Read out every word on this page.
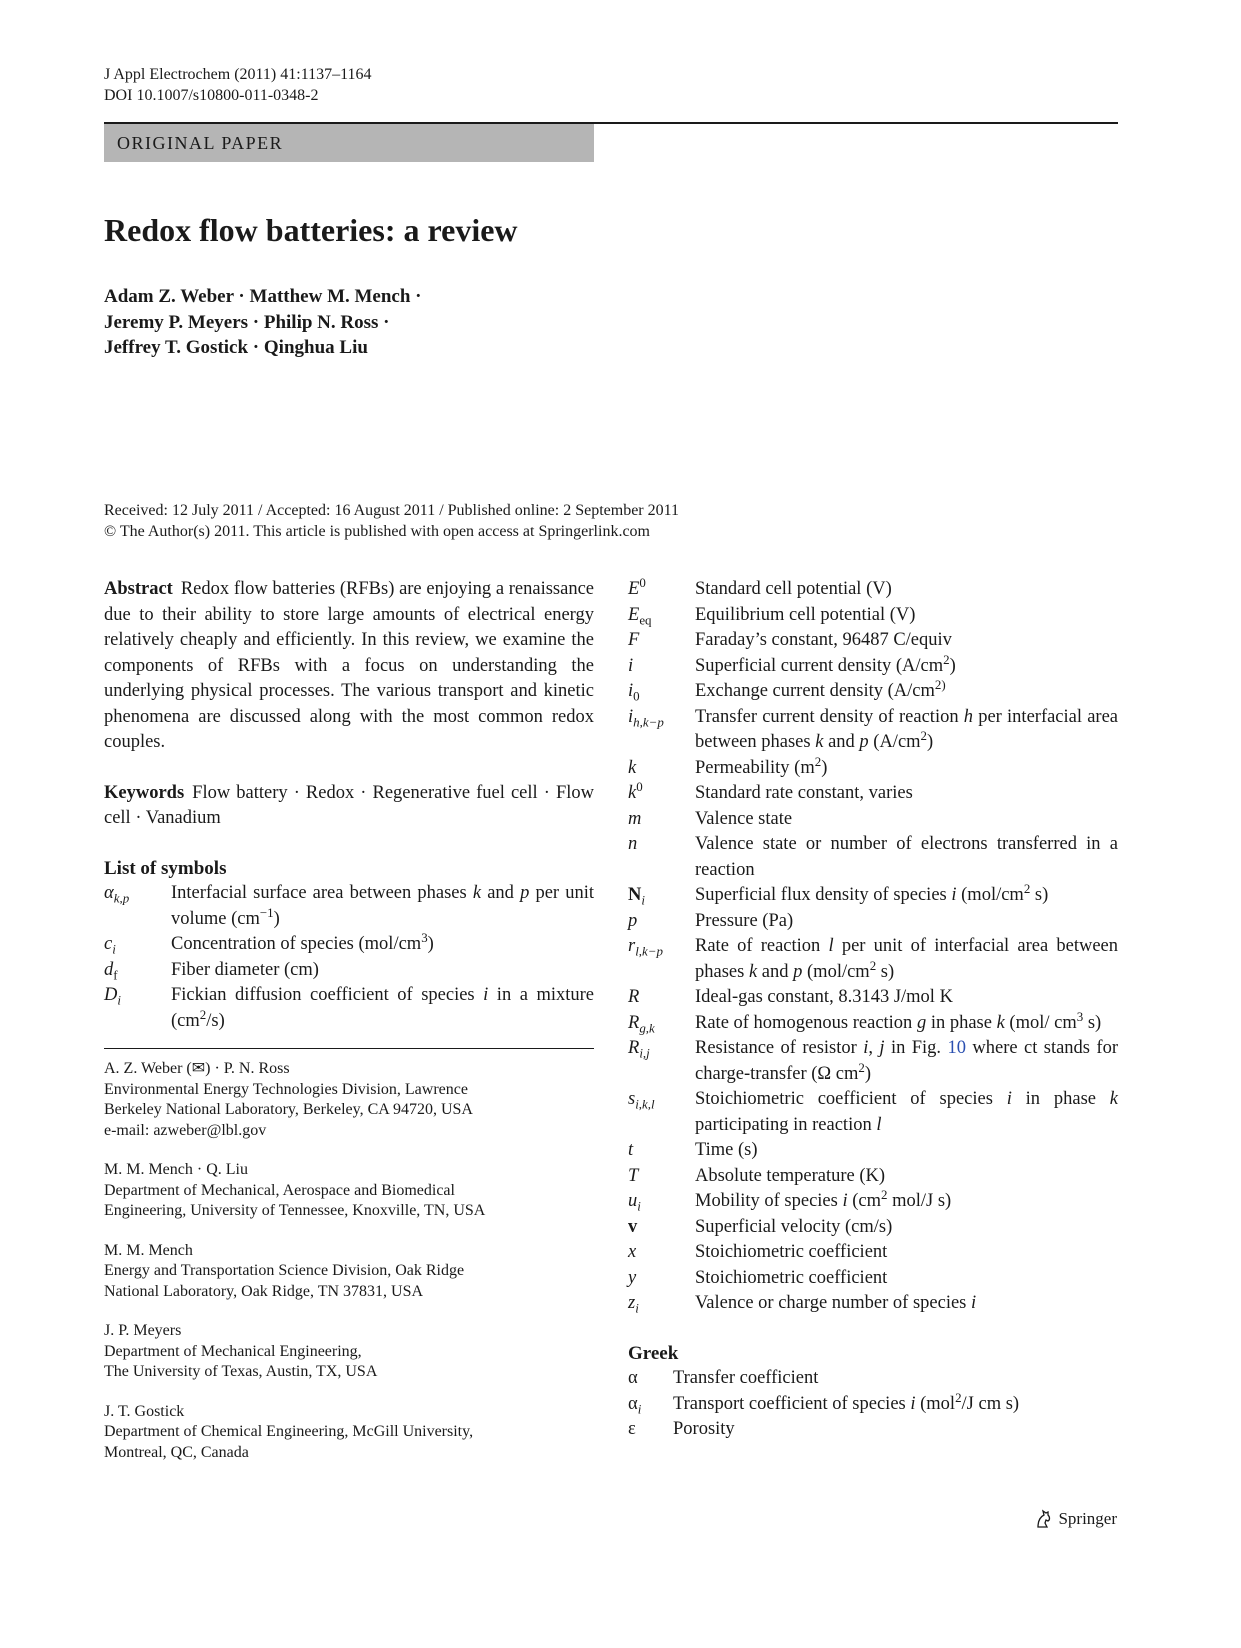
J Appl Electrochem (2011) 41:1137–1164
DOI 10.1007/s10800-011-0348-2
ORIGINAL PAPER
Redox flow batteries: a review
Adam Z. Weber · Matthew M. Mench ·
Jeremy P. Meyers · Philip N. Ross ·
Jeffrey T. Gostick · Qinghua Liu
Received: 12 July 2011 / Accepted: 16 August 2011 / Published online: 2 September 2011
© The Author(s) 2011. This article is published with open access at Springerlink.com

Abstract Redox flow batteries (RFBs) are enjoying a renaissance due to their ability to store large amounts of electrical energy relatively cheaply and efficiently. In this review, we examine the components of RFBs with a focus on understanding the underlying physical processes. The various transport and kinetic phenomena are discussed along with the most common redox couples.

Keywords Flow battery · Redox · Regenerative fuel cell · Flow cell · Vanadium

List of symbols
$\alpha_{k,p}$	Interfacial surface area between phases k and p per unit volume $(cm^{-1})$
$c_i$	Concentration of species $(mol/cm^3)$
$d_f$	Fiber diameter (cm)
$D_i$	Fickian diffusion coefficient of species i in a mixture $(cm^2/s)$
A. Z. Weber (✉) · P. N. Ross
Environmental Energy Technologies Division, Lawrence
Berkeley National Laboratory, Berkeley, CA 94720, USA
e-mail: azweber@lbl.gov
M. M. Mench · Q. Liu
Department of Mechanical, Aerospace and Biomedical
Engineering, University of Tennessee, Knoxville, TN, USA
M. M. Mench
Energy and Transportation Science Division, Oak Ridge
National Laboratory, Oak Ridge, TN 37831, USA
J. P. Meyers
Department of Mechanical Engineering,
The University of Texas, Austin, TX, USA
J. T. Gostick
Department of Chemical Engineering, McGill University,
Montreal, QC, Canada
$E^0$	Standard cell potential (V)
$E_{eq}$	Equilibrium cell potential (V)
F	Faraday’s constant, 96487 C/equiv
i	Superficial current density $(A/cm^2)$
$i_0$	Exchange current density ($A/cm^{2)}$
$i_{h,k-p}$	Transfer current density of reaction h per interfacial area between phases k and p $(A/cm^2)$
k	Permeability $(m^2)$
$k^0$	Standard rate constant, varies
m	Valence state
n	Valence state or number of electrons transferred in a reaction
$N_i$	Superficial flux density of species i ($mol/cm^2$ s)
p	Pressure (Pa)
$r_{l,k-p}$	Rate of reaction l per unit of interfacial area between phases k and p ($mol/cm^2$ s)
R	Ideal-gas constant, 8.3143 J/mol K
$R_{g,k}$	Rate of homogenous reaction g in phase k (mol/ $cm^3$ s)
$R_{i,j}$	Resistance of resistor i, j in Fig. 10 where ct stands for charge-transfer (Ω $cm^2$)
$s_{i,k,l}$	Stoichiometric coefficient of species i in phase k participating in reaction l
t	Time (s)
T	Absolute temperature (K)
$u_i$	Mobility of species i ($cm^2$ mol/J s)
v	Superficial velocity (cm/s)
x	Stoichiometric coefficient
y	Stoichiometric coefficient
$z_i$	Valence or charge number of species i
Greek
α	Transfer coefficient
$\alpha_i$	Transport coefficient of species i (mol$^2$/J cm s)
ε	Porosity
Springer
